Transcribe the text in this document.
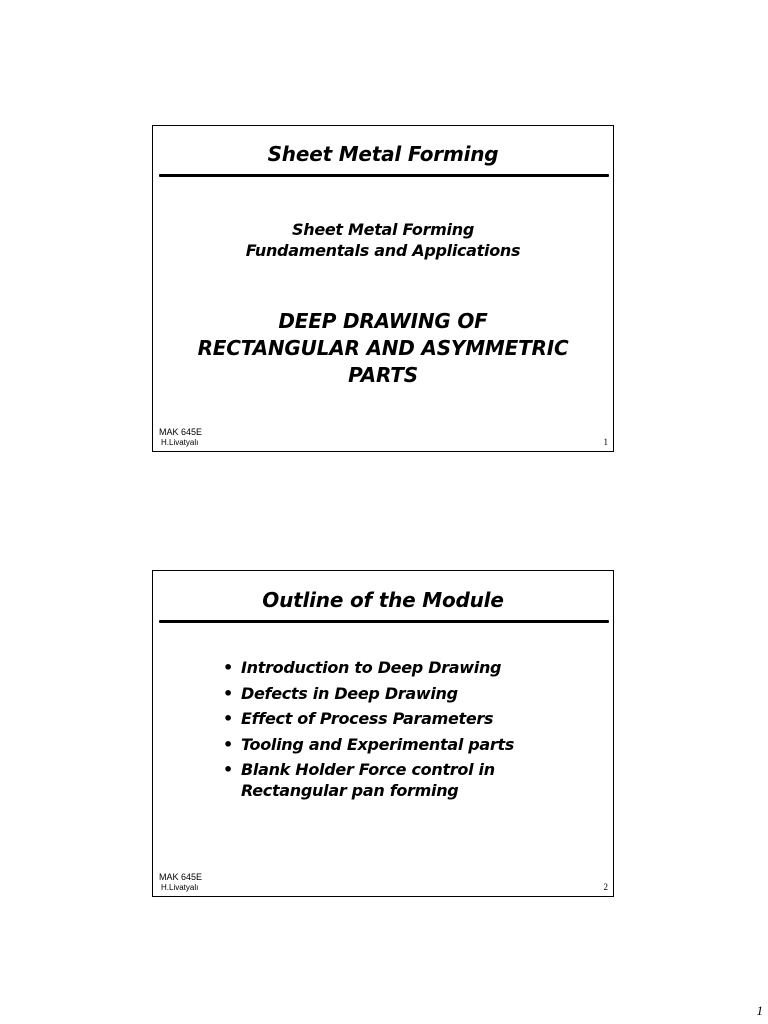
Sheet Metal Forming
Sheet Metal Forming
Fundamentals and Applications
DEEP DRAWING OF
RECTANGULAR AND ASYMMETRIC
PARTS
MAK 645E
H.Livatyalı	1
Outline of the Module
• Introduction to Deep Drawing
• Defects in Deep Drawing
• Effect of Process Parameters
• Tooling and Experimental parts
• Blank Holder Force control in
Rectangular pan forming
MAK 645E
H.Livatyalı	2
1
